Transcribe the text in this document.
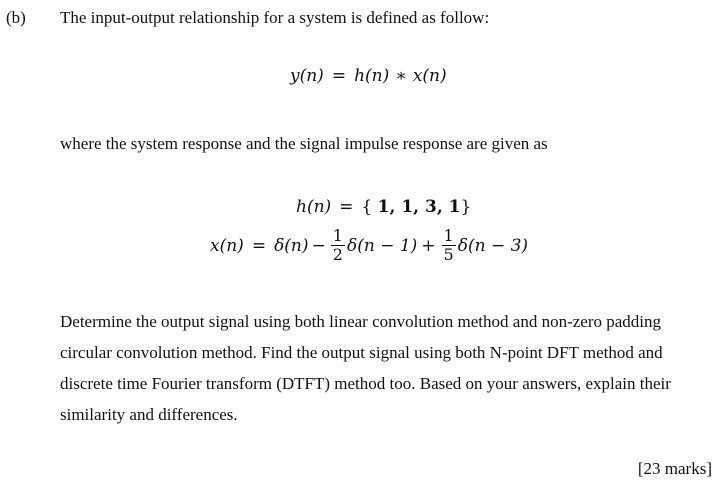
(b) The input-output relationship for a system is defined as follow:
y(n) = h(n) ∗ x(n)
where the system response and the signal impulse response are given as
h(n) = { 1, 1, 3, 1 }
$x(n) = \delta(n) - \frac{1}{2} \delta(n - 1) + \frac{1}{5} \delta(n - 3)$
Determine the output signal using both linear convolution method and non-zero padding
circular convolution method. Find the output signal using both N-point DFT method and
discrete time Fourier transform (DTFT) method too. Based on your answers, explain their
similarity and differences.
[23 marks]
